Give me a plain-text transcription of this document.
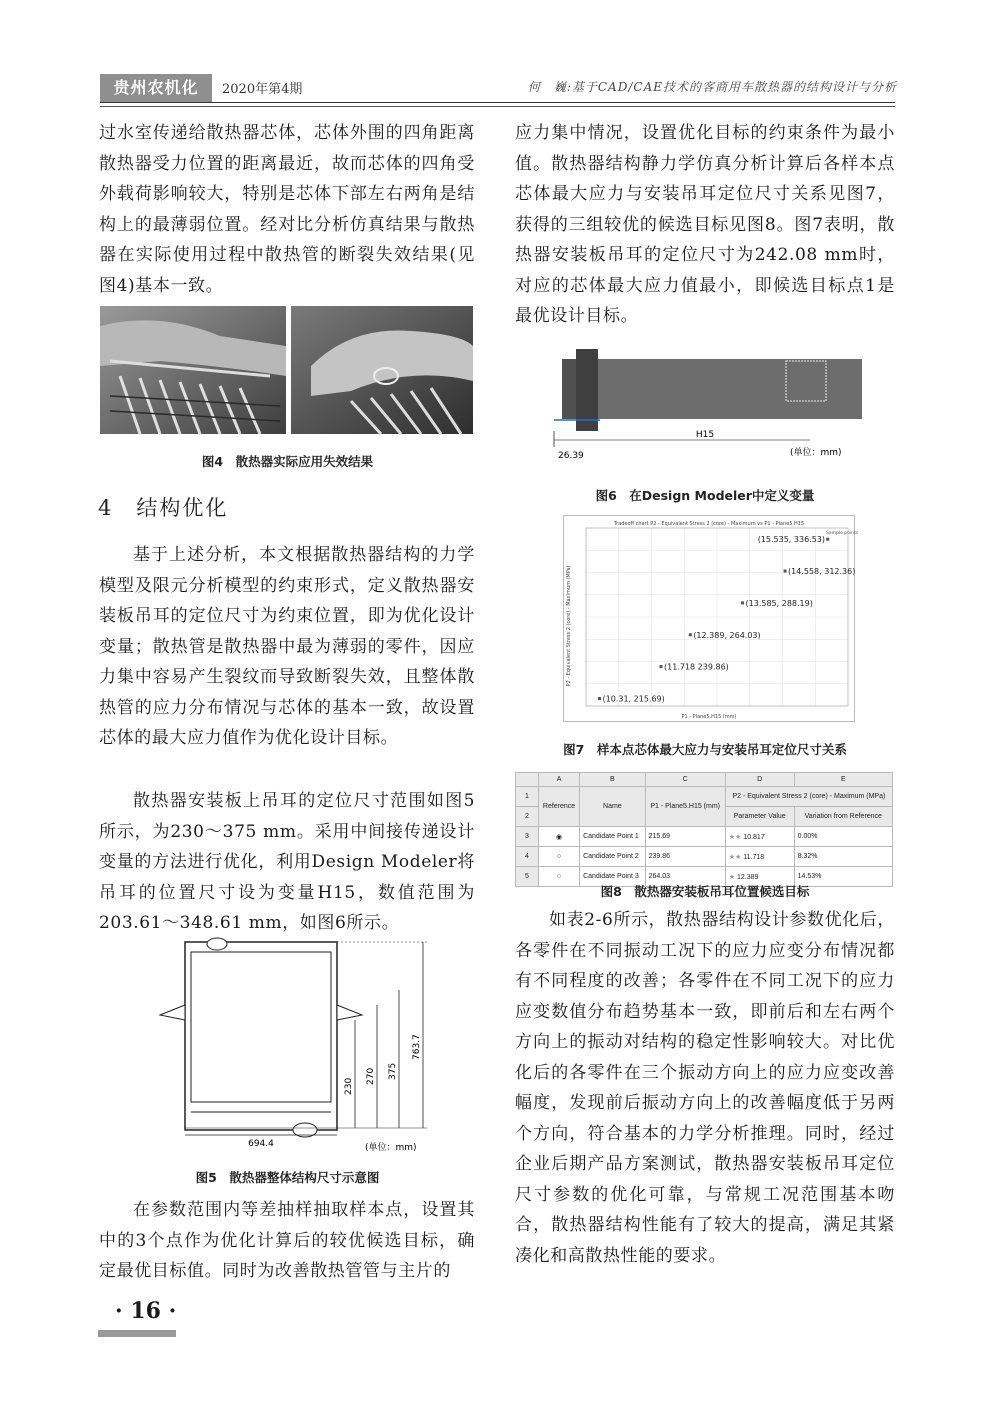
贵州农机化	2020年第4期	何　巍:基于CAD/CAE技术的客商用车散热器的结构设计与分析

过水室传递给散热器芯体，芯体外围的四角距离散热器受力位置的距离最近，故而芯体的四角受外载荷影响较大，特别是芯体下部左右两角是结构上的最薄弱位置。经对比分析仿真结果与散热器在实际使用过程中散热管的断裂失效结果(见图4)基本一致。

图4　散热器实际应用失效结果
4　结构优化

基于上述分析，本文根据散热器结构的力学模型及限元分析模型的约束形式，定义散热器安装板吊耳的定位尺寸为约束位置，即为优化设计变量；散热管是散热器中最为薄弱的零件，因应力集中容易产生裂纹而导致断裂失效，且整体散热管的应力分布情况与芯体的基本一致，故设置芯体的最大应力值作为优化设计目标。

散热器安装板上吊耳的定位尺寸范围如图5所示，为230～375 mm。采用中间接传递设计变量的方法进行优化，利用Design Modeler将吊耳的位置尺寸设为变量H15，数值范围为203.61～348.61 mm，如图6所示。

694.4
230
270 375
763.7
(单位：mm)
图5　散热器整体结构尺寸示意图

在参数范围内等差抽样抽取样本点，设置其中的3个点作为优化计算后的较优候选目标，确定最优目标值。同时为改善散热管管与主片的

应力集中情况，设置优化目标的约束条件为最小值。散热器结构静力学仿真分析计算后各样本点芯体最大应力与安装吊耳定位尺寸关系见图7，获得的三组较优的候选目标见图8。图7表明，散热器安装板吊耳的定位尺寸为242.08 mm时，对应的芯体最大应力值最小，即候选目标点1是最优设计目标。

H15
26.39	(单位：mm)
图6　在Design Modeler中定义变量
Tradeoff chart P2 - Equivalent Stress 2 (core) - Maximum vs P1 - Plane5.H15
P1 - Plane5.H15 (mm)
P2 - Equivalent Stress 2 (core) - Maximum (MPa)
Sample points
(10.31, 215.69)
(11.718 239.86)
(12.389, 264.03)
(13.585, 288.19)
(14.558, 312.36)
(15.535, 336.53)
图7　样本点芯体最大应力与安装吊耳定位尺寸关系
	A	B	C	D	E
1	Reference	Name	P1 - Plane5.H15 (mm)	P2 - Equivalent Stress 2 (core) - Maximum (MPa)	
2				Parameter Value	Variation from Reference
3	◉	Candidate Point 1	215.69	★★ 10.817	0.00%
4	○	Candidate Point 2	239.86	★★ 11.718	8.32%
5	○	Candidate Point 3	264.03	★ 12.389	14.53%
图8　散热器安装板吊耳位置候选目标

如表2-6所示，散热器结构设计参数优化后，各零件在不同振动工况下的应力应变分布情况都有不同程度的改善；各零件在不同工况下的应力应变数值分布趋势基本一致，即前后和左右两个方向上的振动对结构的稳定性影响较大。对比优化后的各零件在三个振动方向上的应力应变改善幅度，发现前后振动方向上的改善幅度低于另两个方向，符合基本的力学分析推理。同时，经过企业后期产品方案测试，散热器安装板吊耳定位尺寸参数的优化可靠，与常规工况范围基本吻合，散热器结构性能有了较大的提高，满足其紧凑化和高散热性能的要求。

· 16 ·
